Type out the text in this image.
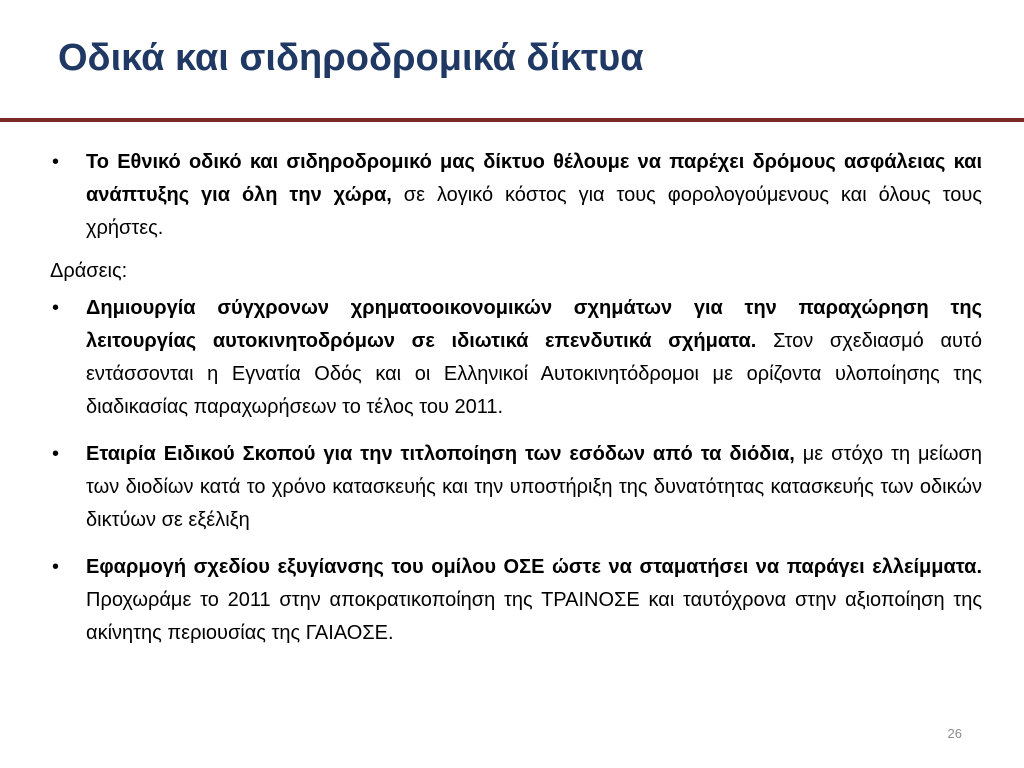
Οδικά και σιδηροδρομικά δίκτυα
• Το Εθνικό οδικό και σιδηροδρομικό μας δίκτυο θέλουμε να παρέχει δρόμους ασφάλειας και ανάπτυξης για όλη την χώρα, σε λογικό κόστος για τους φορολογούμενους και όλους τους χρήστες.
Δράσεις:
• Δημιουργία σύγχρονων χρηματοοικονομικών σχημάτων για την παραχώρηση της λειτουργίας αυτοκινητοδρόμων σε ιδιωτικά επενδυτικά σχήματα. Στον σχεδιασμό αυτό εντάσσονται η Εγνατία Οδός και οι Ελληνικοί Αυτοκινητόδρομοι με ορίζοντα υλοποίησης της διαδικασίας παραχωρήσεων το τέλος του 2011.
• Εταιρία Ειδικού Σκοπού για την τιτλοποίηση των εσόδων από τα διόδια, με στόχο τη μείωση των διοδίων κατά το χρόνο κατασκευής και την υποστήριξη της δυνατότητας κατασκευής των οδικών δικτύων σε εξέλιξη
• Εφαρμογή σχεδίου εξυγίανσης του ομίλου ΟΣΕ ώστε να σταματήσει να παράγει ελλείμματα. Προχωράμε το 2011 στην αποκρατικοποίηση της ΤΡΑΙΝΟΣΕ και ταυτόχρονα στην αξιοποίηση της ακίνητης περιουσίας της ΓΑΙΑΟΣΕ.
26
